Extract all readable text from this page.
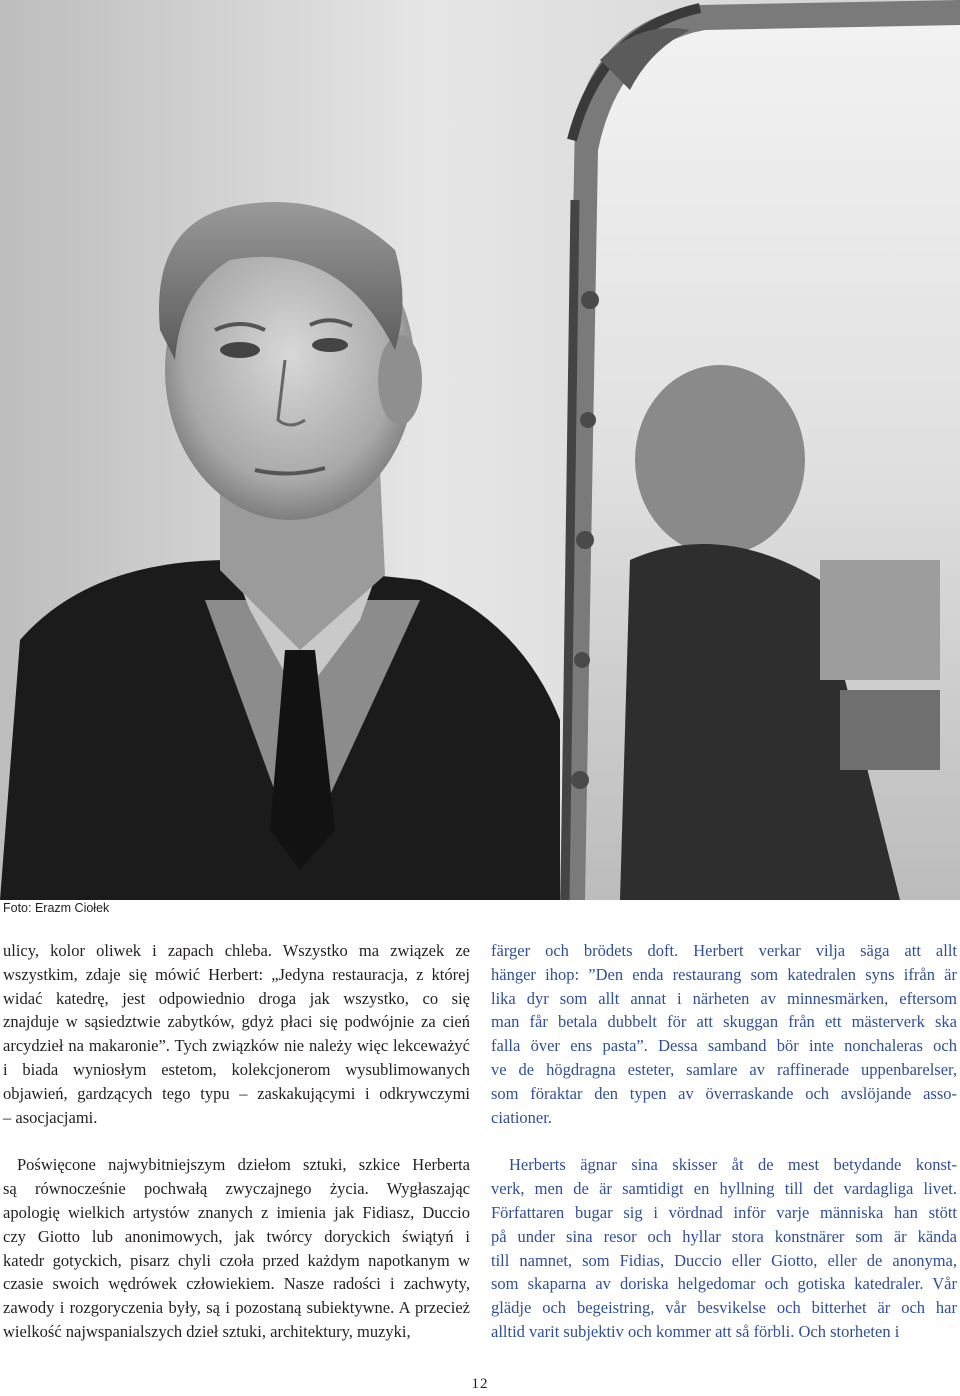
Foto: Erazm Ciołek

ulicy, kolor oliwek i zapach chleba. Wszystko ma związek ze
wszystkim, zdaje się mówić Herbert: „Jedyna restauracja, z której
widać katedrę, jest odpowiednio droga jak wszystko, co się
znajduje w sąsiedztwie zabytków, gdyż płaci się podwójnie za cień
arcydzieł na makaronie”. Tych związków nie należy więc lekceważyć
i biada wyniosłym estetom, kolekcjonerom wysublimowanych
objawień, gardzących tego typu – zaskakującymi i odkrywczymi
– asocjacjami.

Poświęcone najwybitniejszym dziełom sztuki, szkice Herberta
są równocześnie pochwałą zwyczajnego życia. Wygłaszając
apologię wielkich artystów znanych z imienia jak Fidiasz, Duccio
czy Giotto lub anonimowych, jak twórcy doryckich świątyń i
katedr gotyckich, pisarz chyli czoła przed każdym napotkanym w
czasie swoich wędrówek człowiekiem. Nasze radości i zachwyty,
zawody i rozgoryczenia były, są i pozostaną subiektywne. A przecież
wielkość najwspanialszych dzieł sztuki, architektury, muzyki,

färger och brödets doft. Herbert verkar vilja säga att allt
hänger ihop: ”Den enda restaurang som katedralen syns ifrån är
lika dyr som allt annat i närheten av minnesmärken, eftersom
man får betala dubbelt för att skuggan från ett mästerverk ska
falla över ens pasta”. Dessa samband bör inte nonchaleras och
ve de högdragna esteter, samlare av raffinerade uppenbarelser,
som föraktar den typen av överraskande och avslöjande asso-
ciationer.

Herberts ägnar sina skisser åt de mest betydande konst-
verk, men de är samtidigt en hyllning till det vardagliga livet.
Författaren bugar sig i vördnad inför varje människa han stött
på under sina resor och hyllar stora konstnärer som är kända
till namnet, som Fidias, Duccio eller Giotto, eller de anonyma,
som skaparna av doriska helgedomar och gotiska katedraler. Vår
glädje och begeistring, vår besvikelse och bitterhet är och har
alltid varit subjektiv och kommer att så förbli. Och storheten i

12
